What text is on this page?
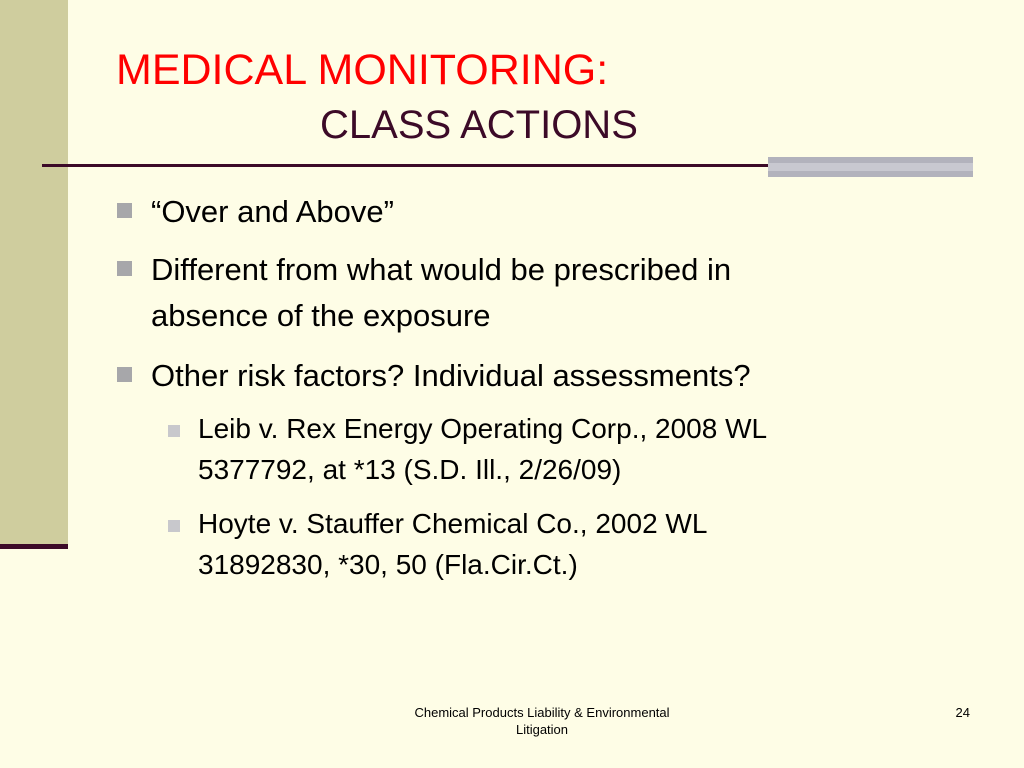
MEDICAL MONITORING:
CLASS ACTIONS
“Over and Above”
Different from what would be prescribed in
absence of the exposure
Other risk factors? Individual assessments?
Leib v. Rex Energy Operating Corp., 2008 WL
5377792, at *13 (S.D. Ill., 2/26/09)
Hoyte v. Stauffer Chemical Co., 2002 WL
31892830, *30, 50 (Fla.Cir.Ct.)
Chemical Products Liability & Environmental
Litigation
24
